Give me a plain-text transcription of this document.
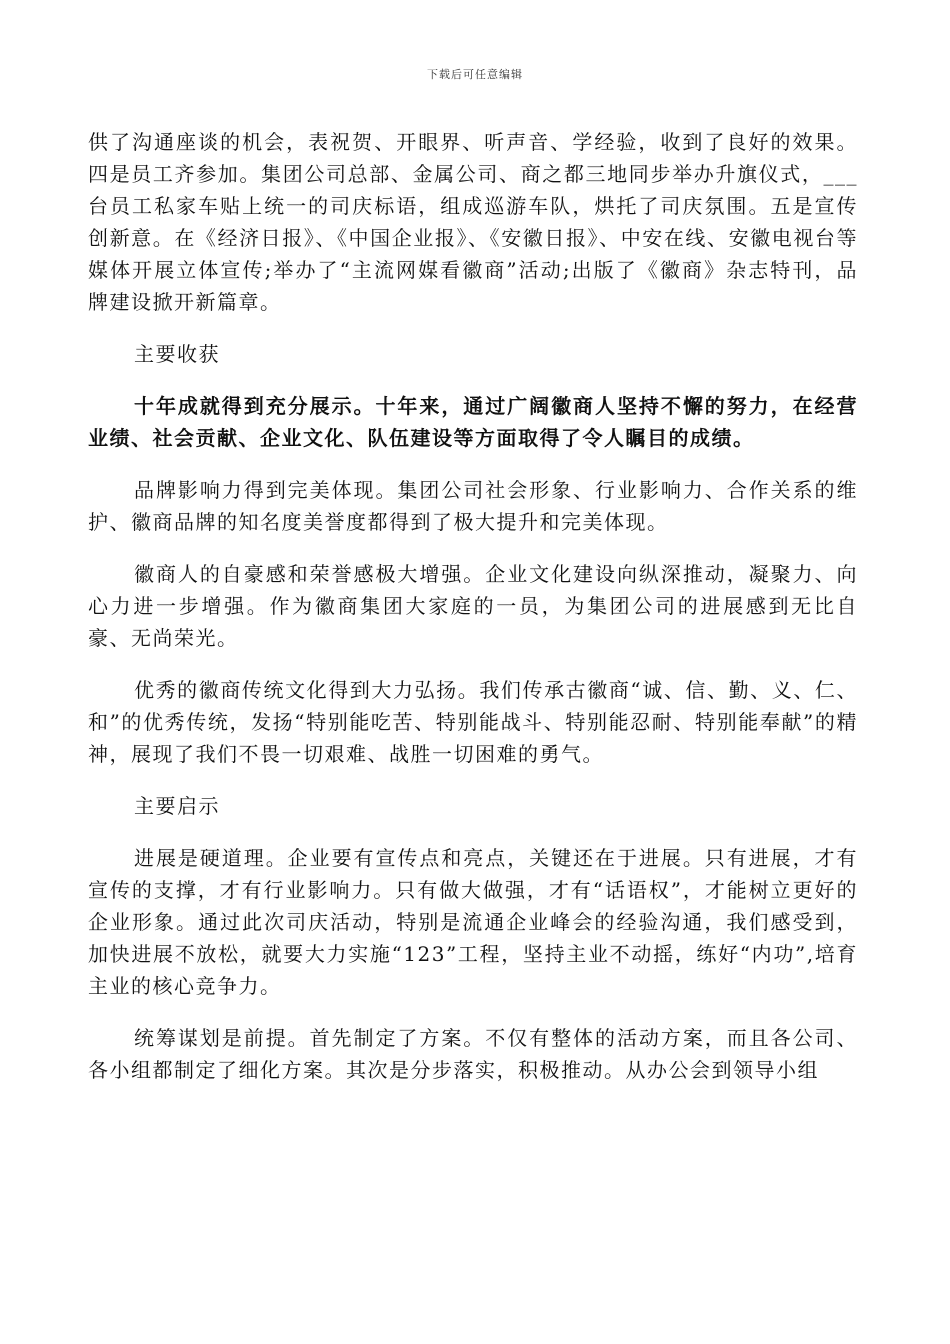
下载后可任意编辑

供了沟通座谈的机会，表祝贺、开眼界、听声音、学经验，收到了良好的效果。四是员工齐参加。集团公司总部、金属公司、商之都三地同步举办升旗仪式，___台员工私家车贴上统一的司庆标语，组成巡游车队，烘托了司庆氛围。五是宣传创新意。在《经济日报》、《中国企业报》、《安徽日报》、中安在线、安徽电视台等媒体开展立体宣传;举办了“主流网媒看徽商”活动;出版了《徽商》杂志特刊，品牌建设掀开新篇章。

主要收获

十年成就得到充分展示。十年来，通过广阔徽商人坚持不懈的努力，在经营业绩、社会贡献、企业文化、队伍建设等方面取得了令人瞩目的成绩。

品牌影响力得到完美体现。集团公司社会形象、行业影响力、合作关系的维护、徽商品牌的知名度美誉度都得到了极大提升和完美体现。

徽商人的自豪感和荣誉感极大增强。企业文化建设向纵深推动，凝聚力、向心力进一步增强。作为徽商集团大家庭的一员，为集团公司的进展感到无比自豪、无尚荣光。

优秀的徽商传统文化得到大力弘扬。我们传承古徽商“诚、信、勤、义、仁、和”的优秀传统，发扬“特别能吃苦、特别能战斗、特别能忍耐、特别能奉献”的精神，展现了我们不畏一切艰难、战胜一切困难的勇气。

主要启示

进展是硬道理。企业要有宣传点和亮点，关键还在于进展。只有进展，才有宣传的支撑，才有行业影响力。只有做大做强，才有“话语权”，才能树立更好的企业形象。通过此次司庆活动，特别是流通企业峰会的经验沟通，我们感受到，加快进展不放松，就要大力实施“123”工程，坚持主业不动摇，练好“内功”,培育主业的核心竞争力。

统筹谋划是前提。首先制定了方案。不仅有整体的活动方案，而且各公司、各小组都制定了细化方案。其次是分步落实，积极推动。从办公会到领导小组
